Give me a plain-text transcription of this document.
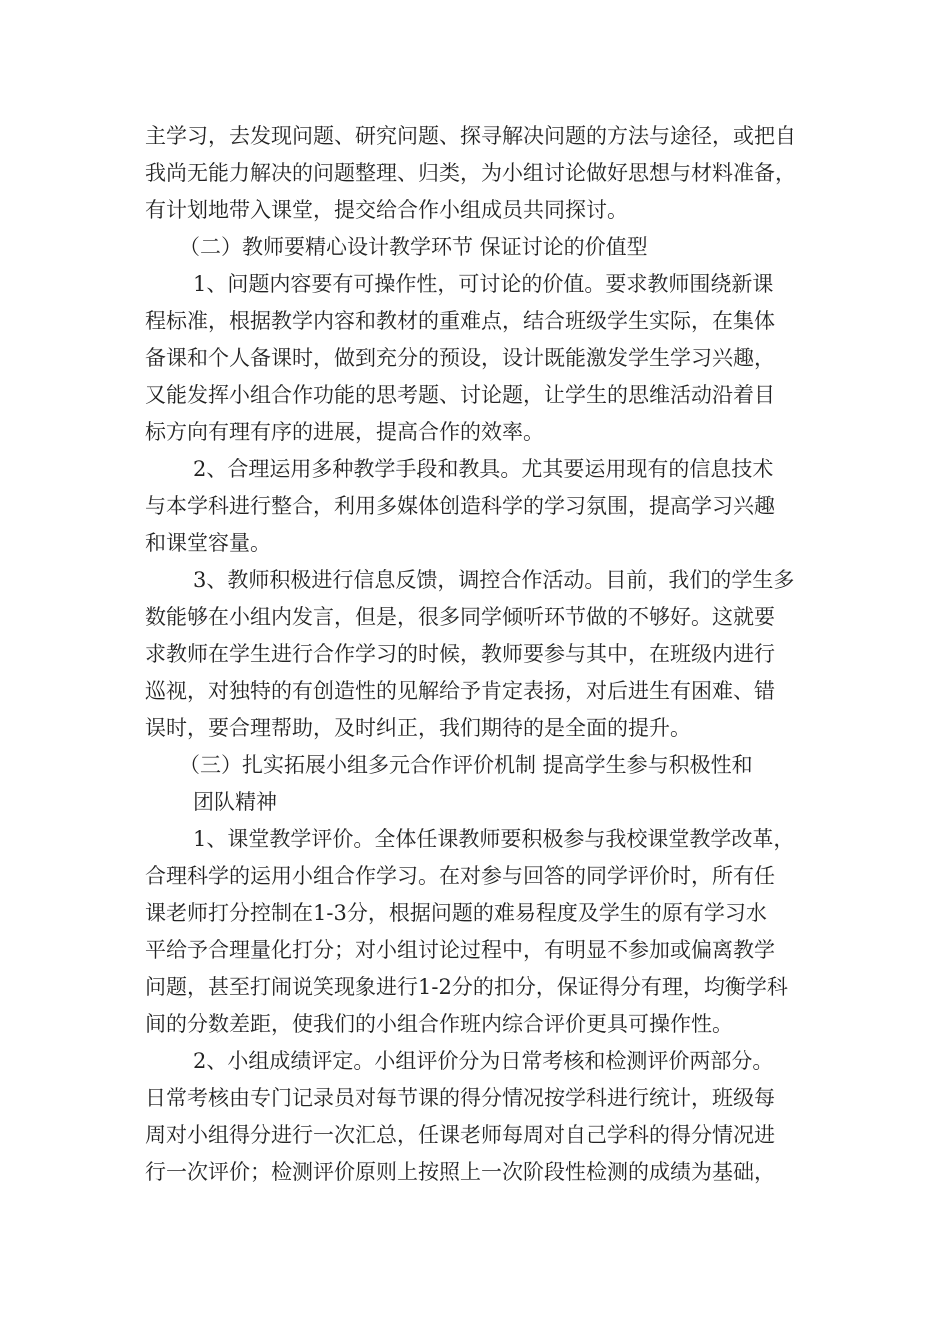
主学习，去发现问题、研究问题、探寻解决问题的方法与途径，或把自
我尚无能力解决的问题整理、归类，为小组讨论做好思想与材料准备，
有计划地带入课堂，提交给合作小组成员共同探讨。
（二）教师要精心设计教学环节 保证讨论的价值型
1、问题内容要有可操作性，可讨论的价值。要求教师围绕新课
程标准，根据教学内容和教材的重难点，结合班级学生实际，在集体
备课和个人备课时，做到充分的预设，设计既能激发学生学习兴趣，
又能发挥小组合作功能的思考题、讨论题，让学生的思维活动沿着目
标方向有理有序的进展，提高合作的效率。
2、合理运用多种教学手段和教具。尤其要运用现有的信息技术
与本学科进行整合，利用多媒体创造科学的学习氛围，提高学习兴趣
和课堂容量。
3、教师积极进行信息反馈，调控合作活动。目前，我们的学生多
数能够在小组内发言，但是，很多同学倾听环节做的不够好。这就要
求教师在学生进行合作学习的时候，教师要参与其中，在班级内进行
巡视，对独特的有创造性的见解给予肯定表扬，对后进生有困难、错
误时，要合理帮助，及时纠正，我们期待的是全面的提升。
（三）扎实拓展小组多元合作评价机制 提高学生参与积极性和
团队精神
1、课堂教学评价。全体任课教师要积极参与我校课堂教学改革，
合理科学的运用小组合作学习。在对参与回答的同学评价时，所有任
课老师打分控制在1-3分，根据问题的难易程度及学生的原有学习水
平给予合理量化打分；对小组讨论过程中，有明显不参加或偏离教学
问题，甚至打闹说笑现象进行1-2分的扣分，保证得分有理，均衡学科
间的分数差距，使我们的小组合作班内综合评价更具可操作性。
2、小组成绩评定。小组评价分为日常考核和检测评价两部分。
日常考核由专门记录员对每节课的得分情况按学科进行统计，班级每
周对小组得分进行一次汇总，任课老师每周对自己学科的得分情况进
行一次评价；检测评价原则上按照上一次阶段性检测的成绩为基础，
